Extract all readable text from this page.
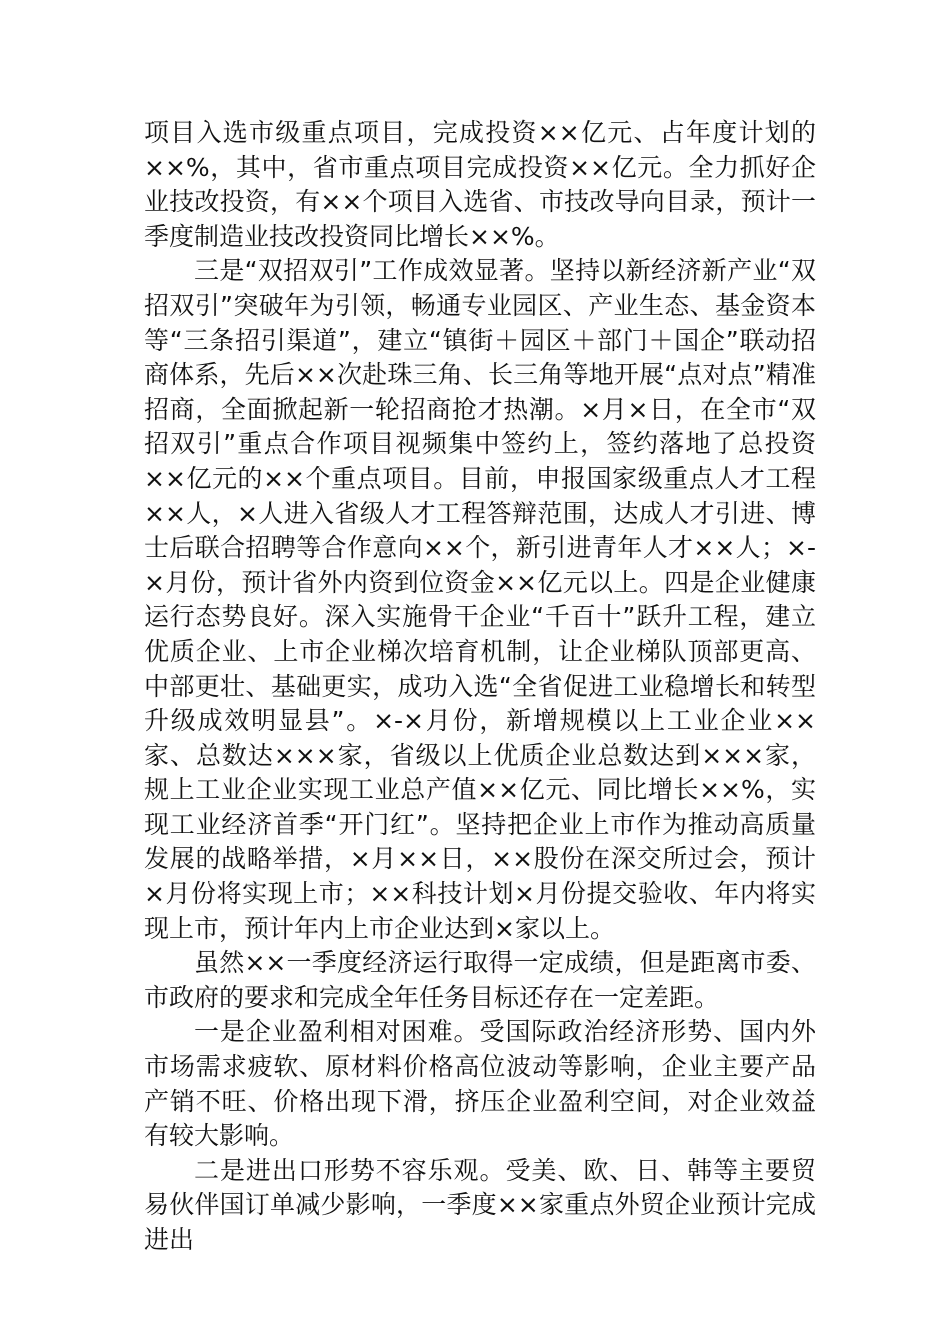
项目入选市级重点项目，完成投资××亿元、占年度计划的××%，其中，省市重点项目完成投资××亿元。全力抓好企业技改投资，有××个项目入选省、市技改导向目录，预计一季度制造业技改投资同比增长××%。

三是“双招双引”工作成效显著。坚持以新经济新产业“双招双引”突破年为引领，畅通专业园区、产业生态、基金资本等“三条招引渠道”，建立“镇街＋园区＋部门＋国企”联动招商体系，先后××次赴珠三角、长三角等地开展“点对点”精准招商，全面掀起新一轮招商抢才热潮。×月×日，在全市“双招双引”重点合作项目视频集中签约上，签约落地了总投资××亿元的××个重点项目。目前，申报国家级重点人才工程××人，×人进入省级人才工程答辩范围，达成人才引进、博士后联合招聘等合作意向××个，新引进青年人才××人；×-×月份，预计省外内资到位资金××亿元以上。四是企业健康运行态势良好。深入实施骨干企业“千百十”跃升工程，建立优质企业、上市企业梯次培育机制，让企业梯队顶部更高、中部更壮、基础更实，成功入选“全省促进工业稳增长和转型升级成效明显县”。×-×月份，新增规模以上工业企业××家、总数达×××家，省级以上优质企业总数达到×××家，规上工业企业实现工业总产值××亿元、同比增长××%，实现工业经济首季“开门红”。坚持把企业上市作为推动高质量发展的战略举措，×月××日，××股份在深交所过会，预计×月份将实现上市；××科技计划×月份提交验收、年内将实现上市，预计年内上市企业达到×家以上。

虽然××一季度经济运行取得一定成绩，但是距离市委、市政府的要求和完成全年任务目标还存在一定差距。

一是企业盈利相对困难。受国际政治经济形势、国内外市场需求疲软、原材料价格高位波动等影响，企业主要产品产销不旺、价格出现下滑，挤压企业盈利空间，对企业效益有较大影响。

二是进出口形势不容乐观。受美、欧、日、韩等主要贸易伙伴国订单减少影响，一季度××家重点外贸企业预计完成进出
